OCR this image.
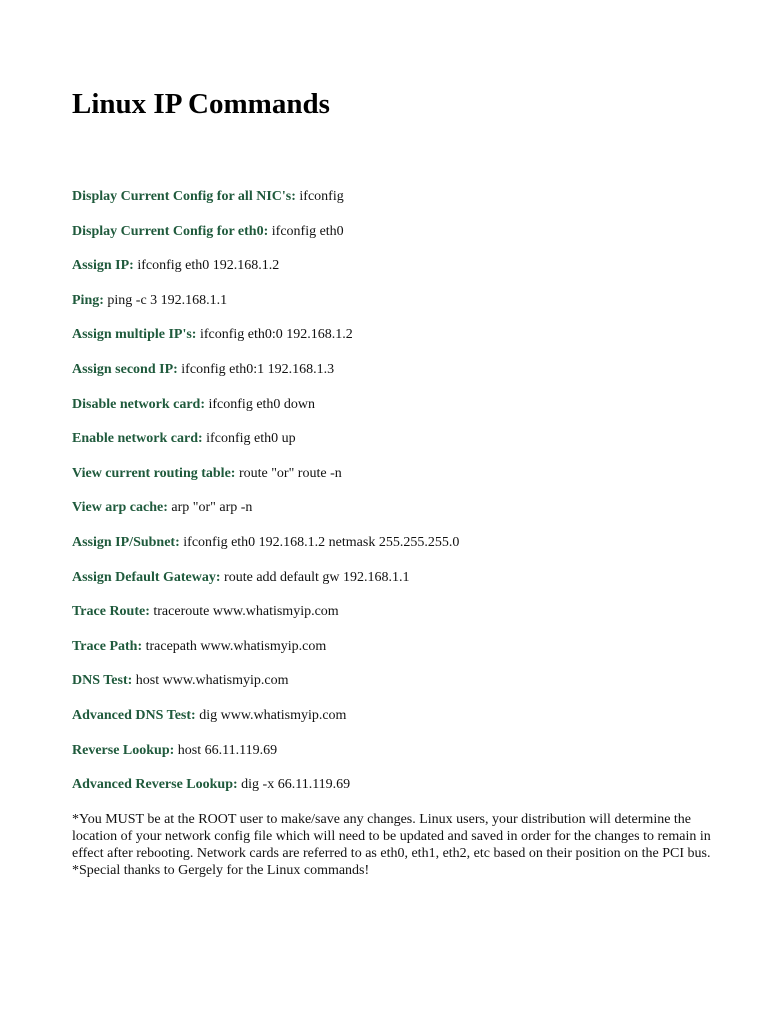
Linux IP Commands
Display Current Config for all NIC's: ifconfig
Display Current Config for eth0: ifconfig eth0
Assign IP: ifconfig eth0 192.168.1.2
Ping: ping -c 3 192.168.1.1
Assign multiple IP's: ifconfig eth0:0 192.168.1.2
Assign second IP: ifconfig eth0:1 192.168.1.3
Disable network card: ifconfig eth0 down
Enable network card: ifconfig eth0 up
View current routing table: route "or" route -n
View arp cache: arp "or" arp -n
Assign IP/Subnet: ifconfig eth0 192.168.1.2 netmask 255.255.255.0
Assign Default Gateway: route add default gw 192.168.1.1
Trace Route: traceroute www.whatismyip.com
Trace Path: tracepath www.whatismyip.com
DNS Test: host www.whatismyip.com
Advanced DNS Test: dig www.whatismyip.com
Reverse Lookup: host 66.11.119.69
Advanced Reverse Lookup: dig -x 66.11.119.69

*You MUST be at the ROOT user to make/save any changes. Linux users, your distribution will determine the location of your network config file which will need to be updated and saved in order for the changes to remain in effect after rebooting. Network cards are referred to as eth0, eth1, eth2, etc based on their position on the PCI bus.

*Special thanks to Gergely for the Linux commands!
